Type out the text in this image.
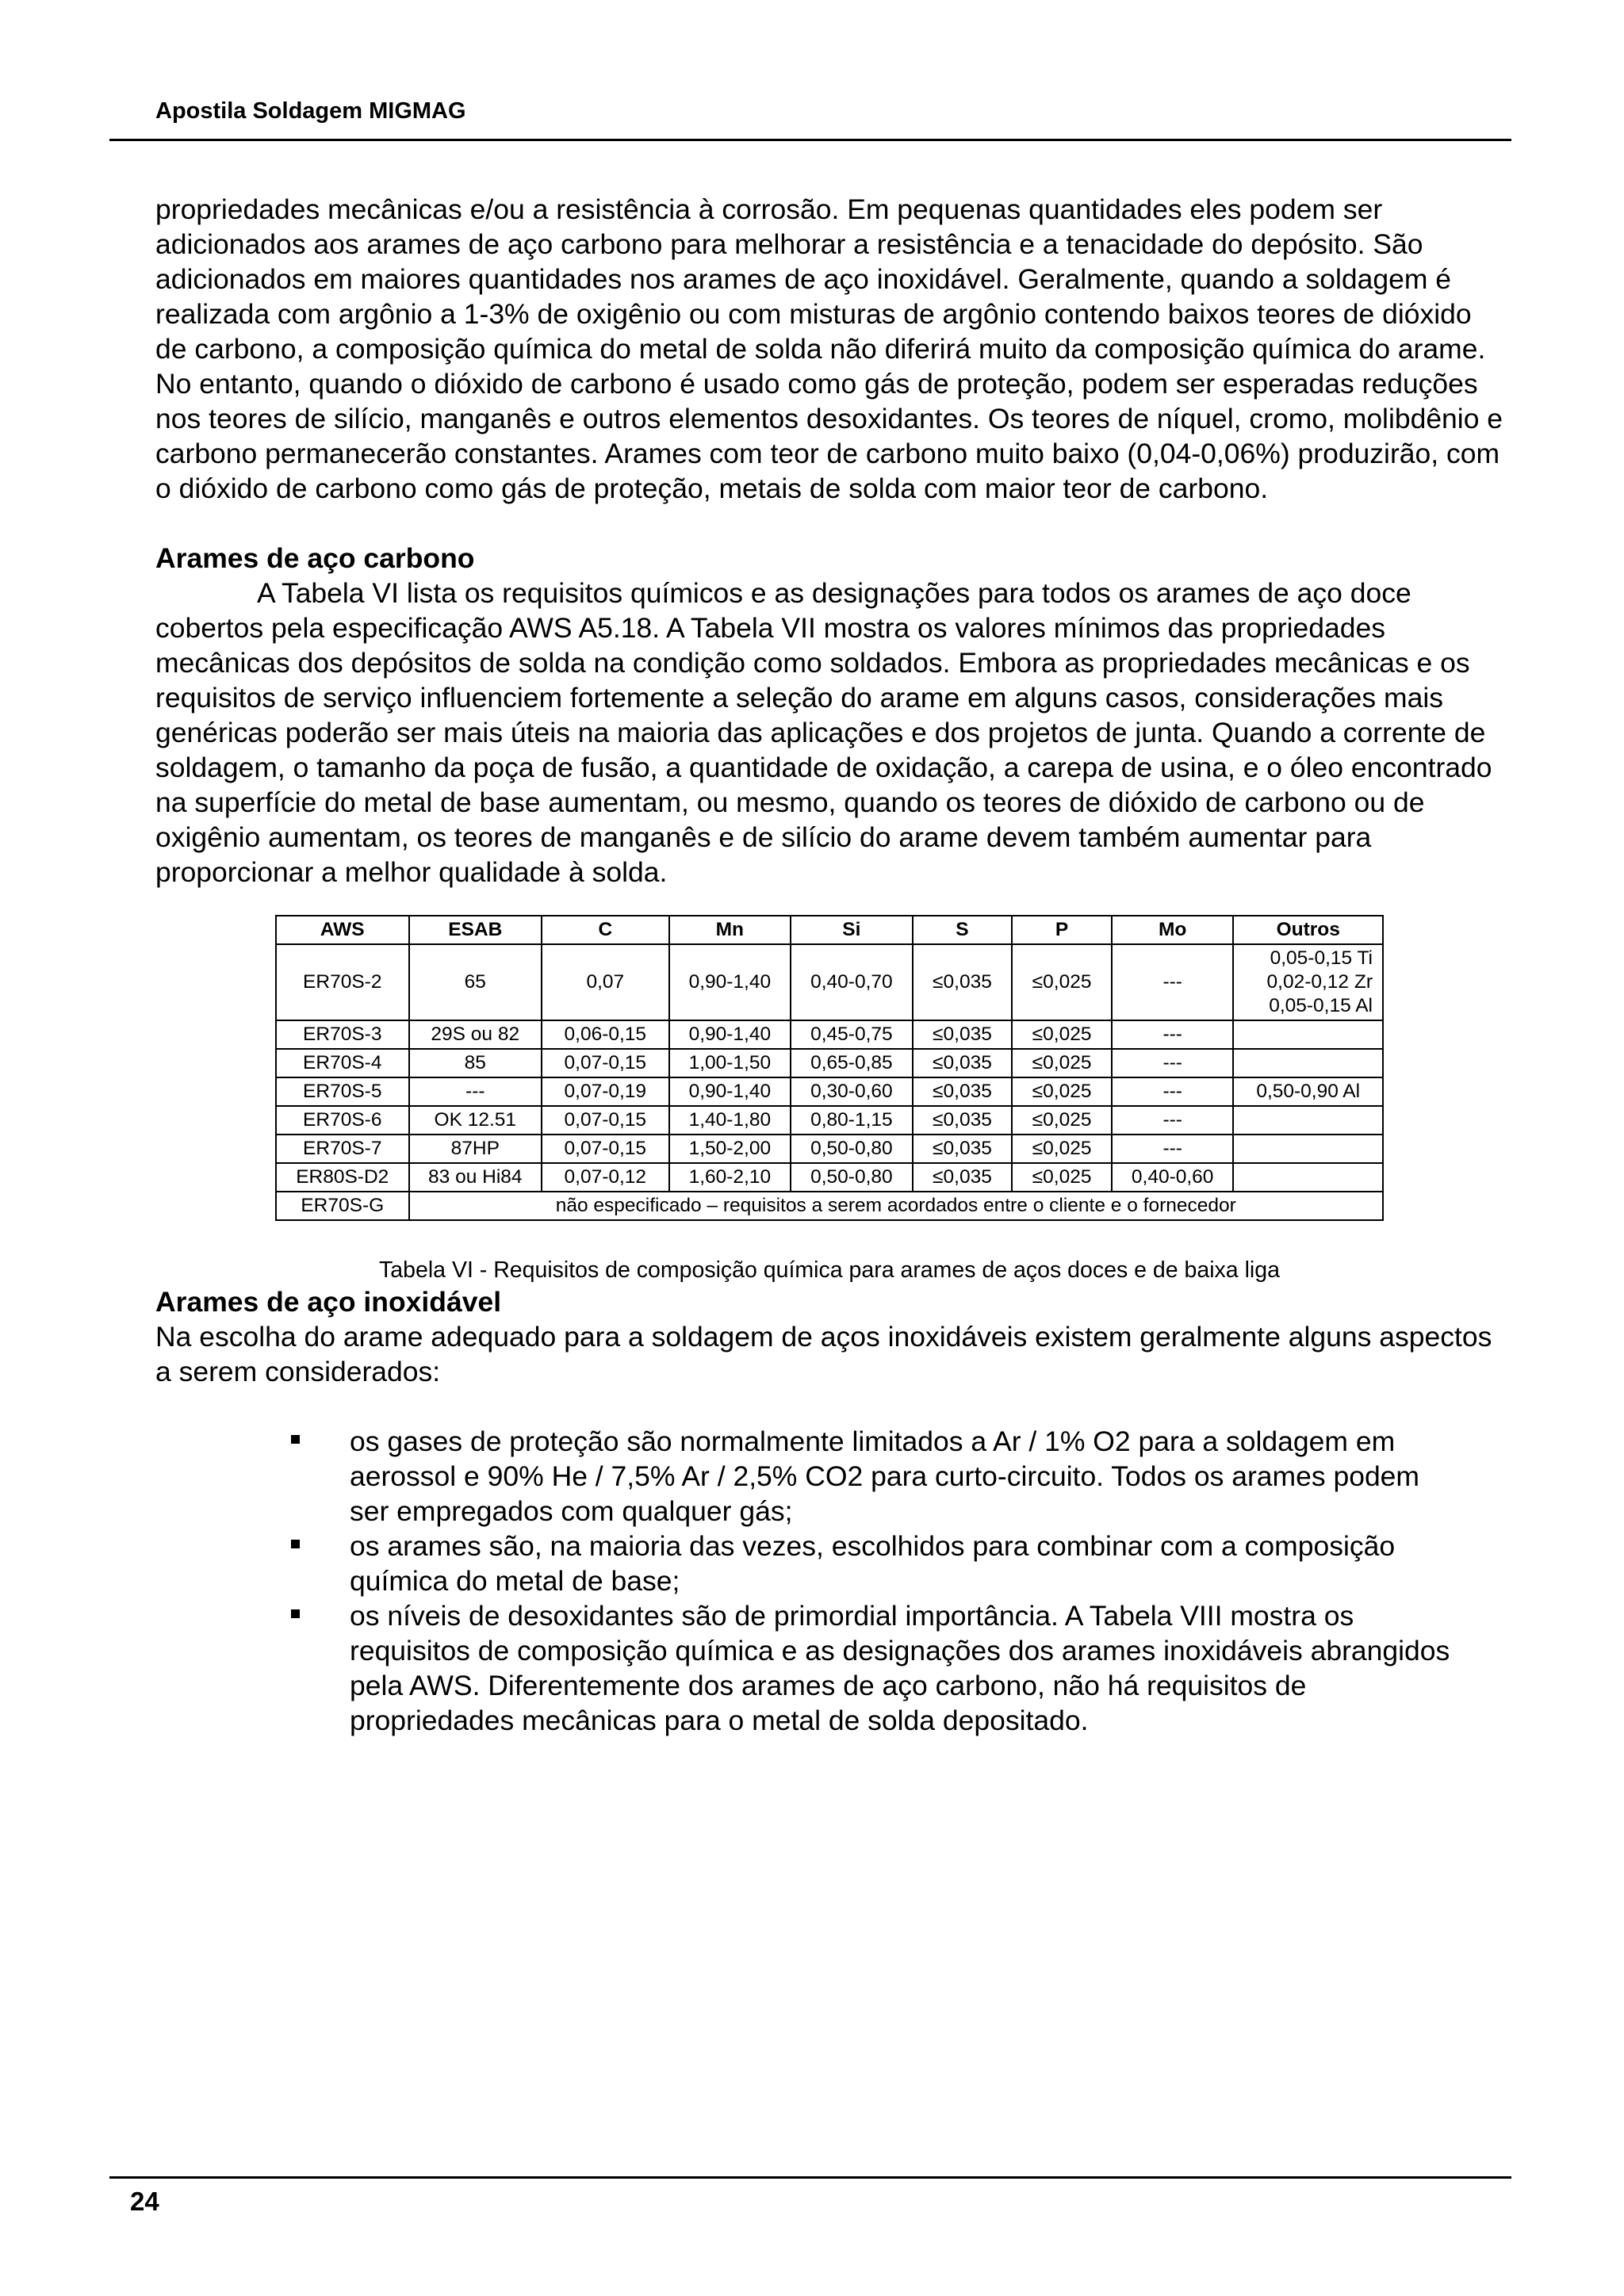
Apostila Soldagem MIGMAG

propriedades mecânicas e/ou a resistência à corrosão. Em pequenas quantidades eles podem ser adicionados aos arames de aço carbono para melhorar a resistência e a tenacidade do depósito. São adicionados em maiores quantidades nos arames de aço inoxidável. Geralmente, quando a soldagem é realizada com argônio a 1-3% de oxigênio ou com misturas de argônio contendo baixos teores de dióxido de carbono, a composição química do metal de solda não diferirá muito da composição química do arame. No entanto, quando o dióxido de carbono é usado como gás de proteção, podem ser esperadas reduções nos teores de silício, manganês e outros elementos desoxidantes. Os teores de níquel, cromo, molibdênio e carbono permanecerão constantes. Arames com teor de carbono muito baixo (0,04-0,06%) produzirão, com o dióxido de carbono como gás de proteção, metais de solda com maior teor de carbono.

Arames de aço carbono

A Tabela VI lista os requisitos químicos e as designações para todos os arames de aço doce cobertos pela especificação AWS A5.18. A Tabela VII mostra os valores mínimos das propriedades mecânicas dos depósitos de solda na condição como soldados. Embora as propriedades mecânicas e os requisitos de serviço influenciem fortemente a seleção do arame em alguns casos, considerações mais genéricas poderão ser mais úteis na maioria das aplicações e dos projetos de junta. Quando a corrente de soldagem, o tamanho da poça de fusão, a quantidade de oxidação, a carepa de usina, e o óleo encontrado na superfície do metal de base aumentam, ou mesmo, quando os teores de dióxido de carbono ou de oxigênio aumentam, os teores de manganês e de silício do arame devem também aumentar para proporcionar a melhor qualidade à solda.

AWS	ESAB	C	Mn	Si	S	P	Mo	Outros
ER70S-2	65	0,07	0,90-1,40	0,40-0,70	≤0,035	≤0,025	---	0,05-0,15 Ti
0,02-0,12 Zr
0,05-0,15 Al

ER70S-3	29S ou 82	0,06-0,15	0,90-1,40	0,45-0,75	≤0,035	≤0,025	---	
ER70S-4	85	0,07-0,15	1,00-1,50	0,65-0,85	≤0,035	≤0,025	---	
ER70S-5	---	0,07-0,19	0,90-1,40	0,30-0,60	≤0,035	≤0,025	---	0,50-0,90 Al
ER70S-6	OK 12.51	0,07-0,15	1,40-1,80	0,80-1,15	≤0,035	≤0,025	---	
ER70S-7	87HP	0,07-0,15	1,50-2,00	0,50-0,80	≤0,035	≤0,025	---	
ER80S-D2	83 ou Hi84	0,07-0,12	1,60-2,10	0,50-0,80	≤0,035	≤0,025	0,40-0,60	
ER70S-G	não especificado – requisitos a serem acordados entre o cliente e o fornecedor							
Tabela VI - Requisitos de composição química para arames de aços doces e de baixa liga

Arames de aço inoxidável

Na escolha do arame adequado para a soldagem de aços inoxidáveis existem geralmente alguns aspectos a serem considerados:

os gases de proteção são normalmente limitados a Ar / 1% O2 para a soldagem em aerossol e 90% He / 7,5% Ar / 2,5% CO2 para curto-circuito. Todos os arames podem ser empregados com qualquer gás;
os arames são, na maioria das vezes, escolhidos para combinar com a composição química do metal de base;
os níveis de desoxidantes são de primordial importância. A Tabela VIII mostra os requisitos de composição química e as designações dos arames inoxidáveis abrangidos pela AWS. Diferentemente dos arames de aço carbono, não há requisitos de propriedades mecânicas para o metal de solda depositado.
24
